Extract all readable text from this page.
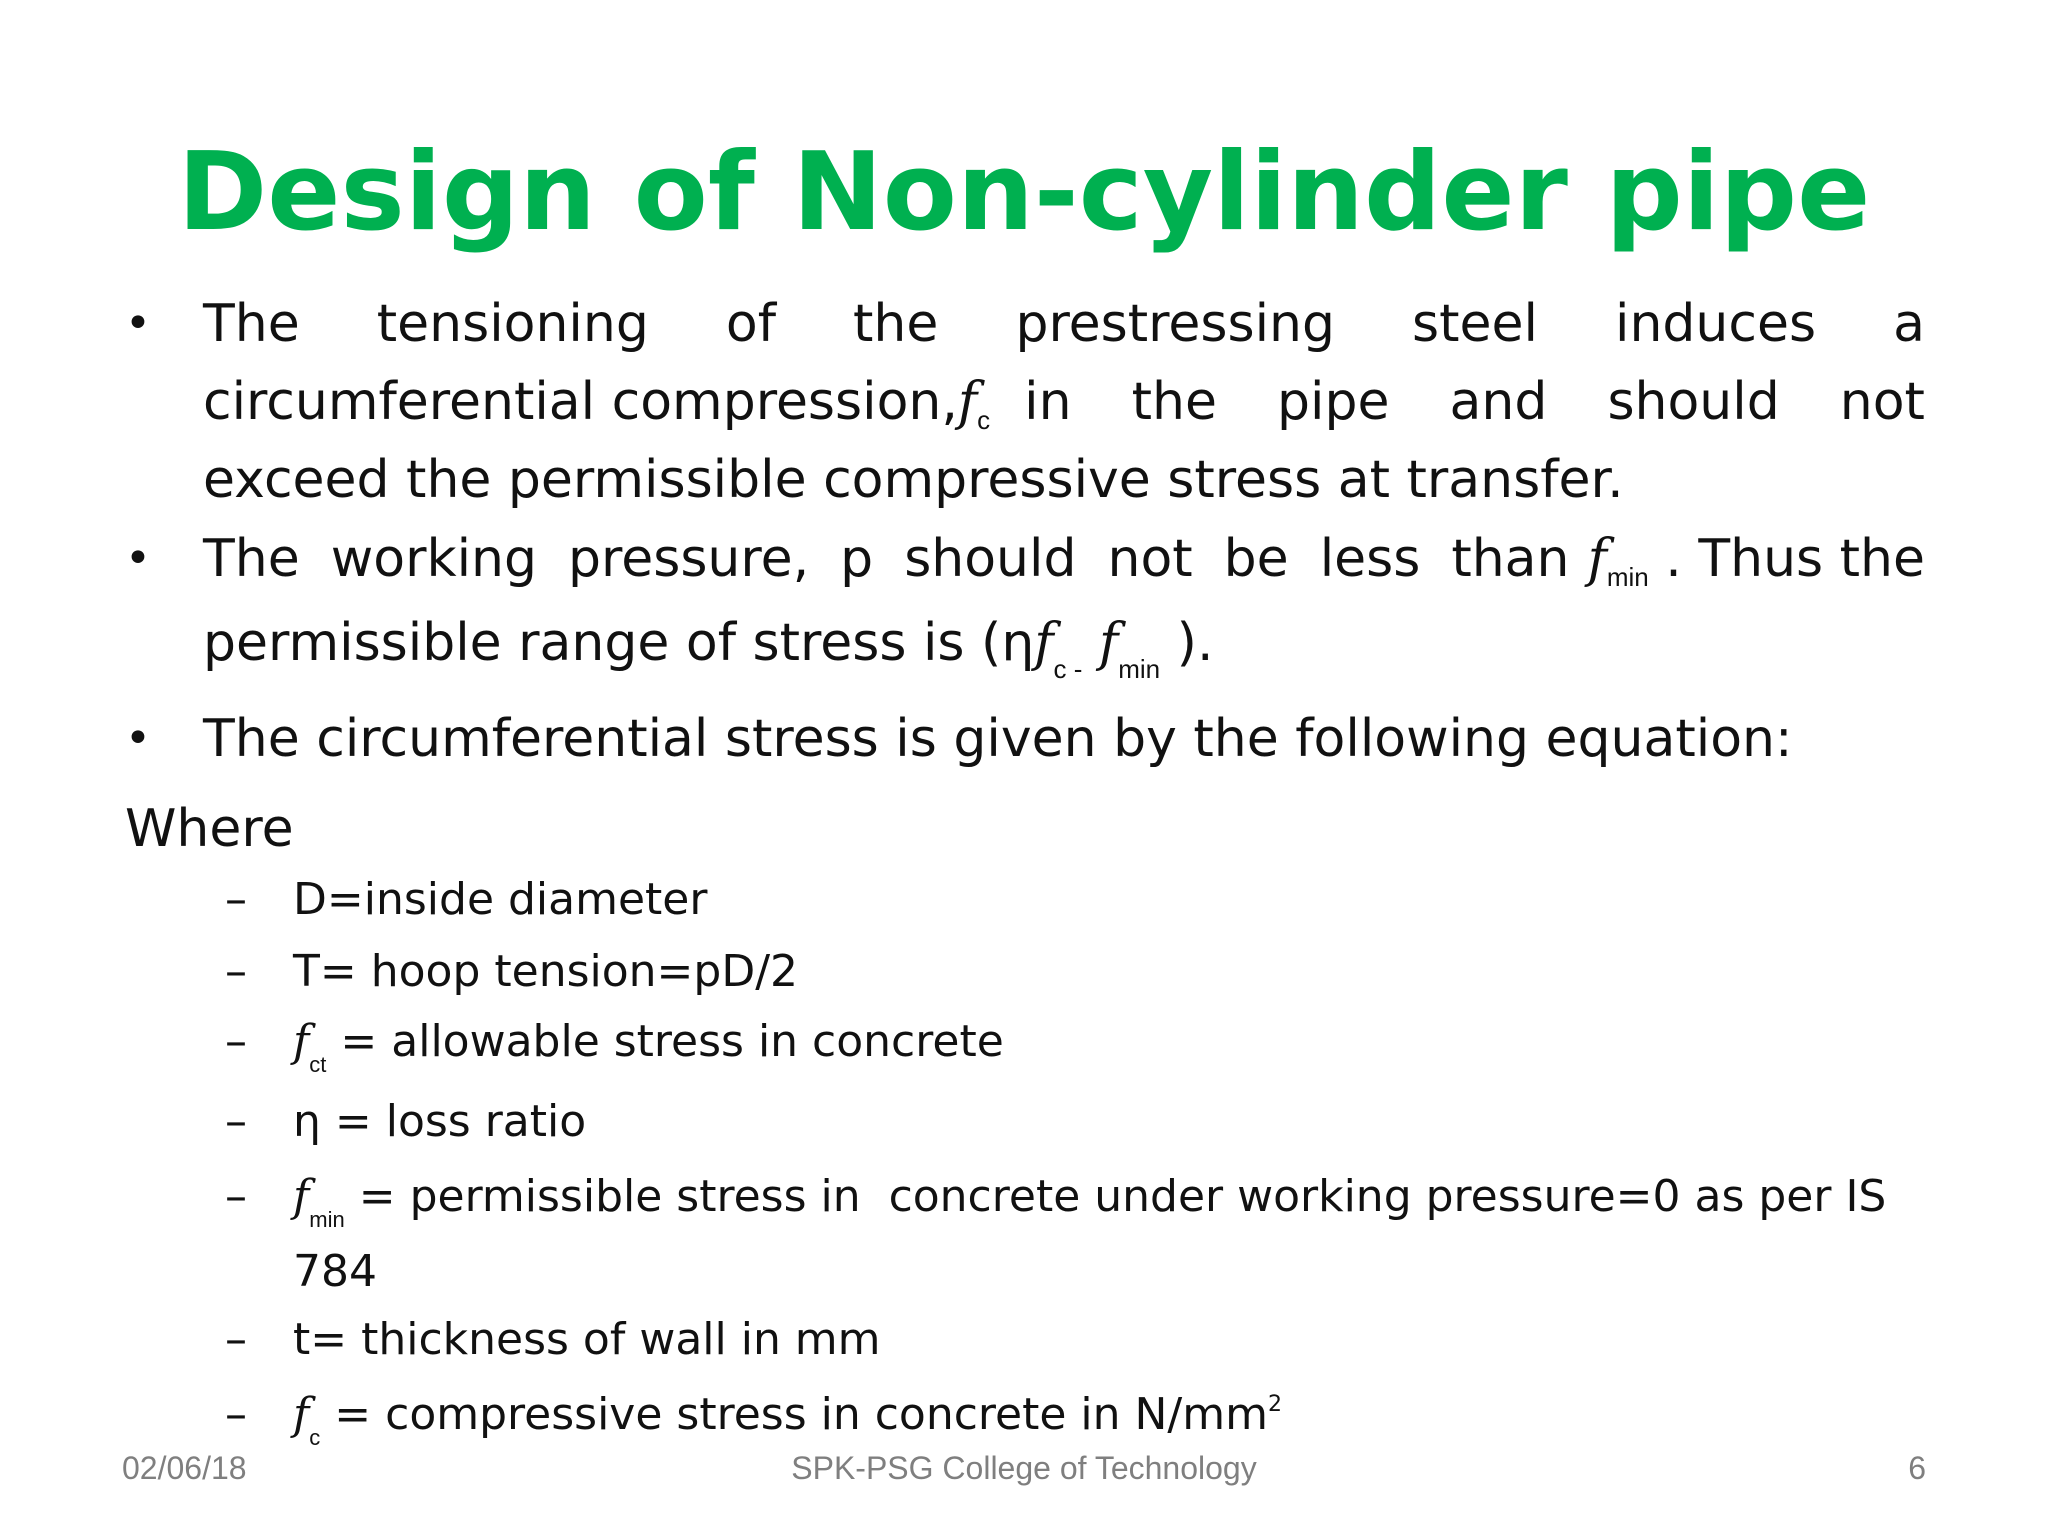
Design of Non-cylinder pipe
•	The tensioning of the prestressing steel induces a
circumferential compression, f c in the pipe and should not
exceed the permissible compressive stress at transfer.
•	The working pressure, p should not be less than f min . Thus the
permissible range of stress is ($\eta f_{c -}$ $f_{min}$ ).
•	The circumferential stress is given by the following equation:
Where
–	D=inside diameter
–	T= hoop tension=pD/2
–	$f_{ct}$ = allowable stress in concrete
–	η = loss ratio
–	$f_{min}$ = permissible stress in  concrete under working pressure=0 as per IS
784
–	t= thickness of wall in mm
–	$f_c$ = compressive stress in concrete in $N/mm^2$
02/06/18	SPK-PSG College of Technology	6
